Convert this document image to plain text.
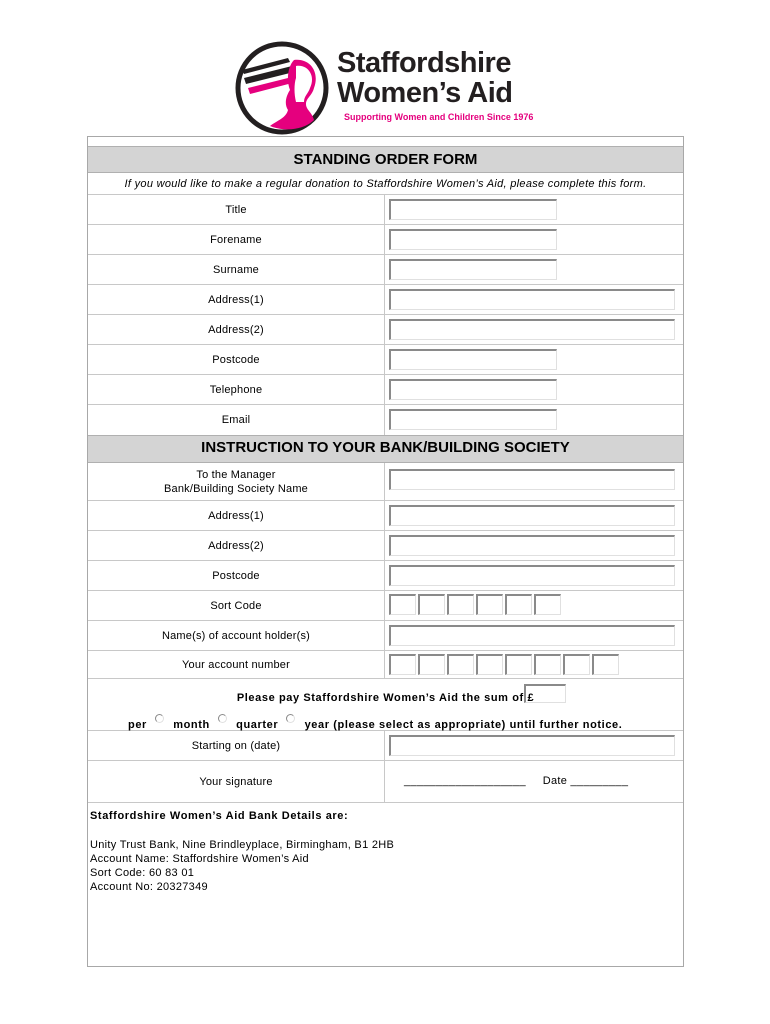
Staffordshire
Women’s Aid
Supporting Women and Children Since 1976
STANDING ORDER FORM
If you would like to make a regular donation to Staffordshire Women’s Aid, please complete this form.
Title
Forename
Surname
Address(1)
Address(2)
Postcode
Telephone
Email
INSTRUCTION TO YOUR BANK/BUILDING SOCIETY
To the Manager
Bank/Building Society Name
Address(1)
Address(2)
Postcode
Sort Code
Name(s) of account holder(s)
Your account number
Please pay Staffordshire Women’s Aid the sum of £
per month quarter year (please select as appropriate) until further notice.
Starting on (date)
Your signature	___________________ Date _________
Staffordshire Women’s Aid Bank Details are:
Unity Trust Bank, Nine Brindleyplace, Birmingham, B1 2HB
Account Name: Staffordshire Women’s Aid
Sort Code: 60 83 01
Account No: 20327349
